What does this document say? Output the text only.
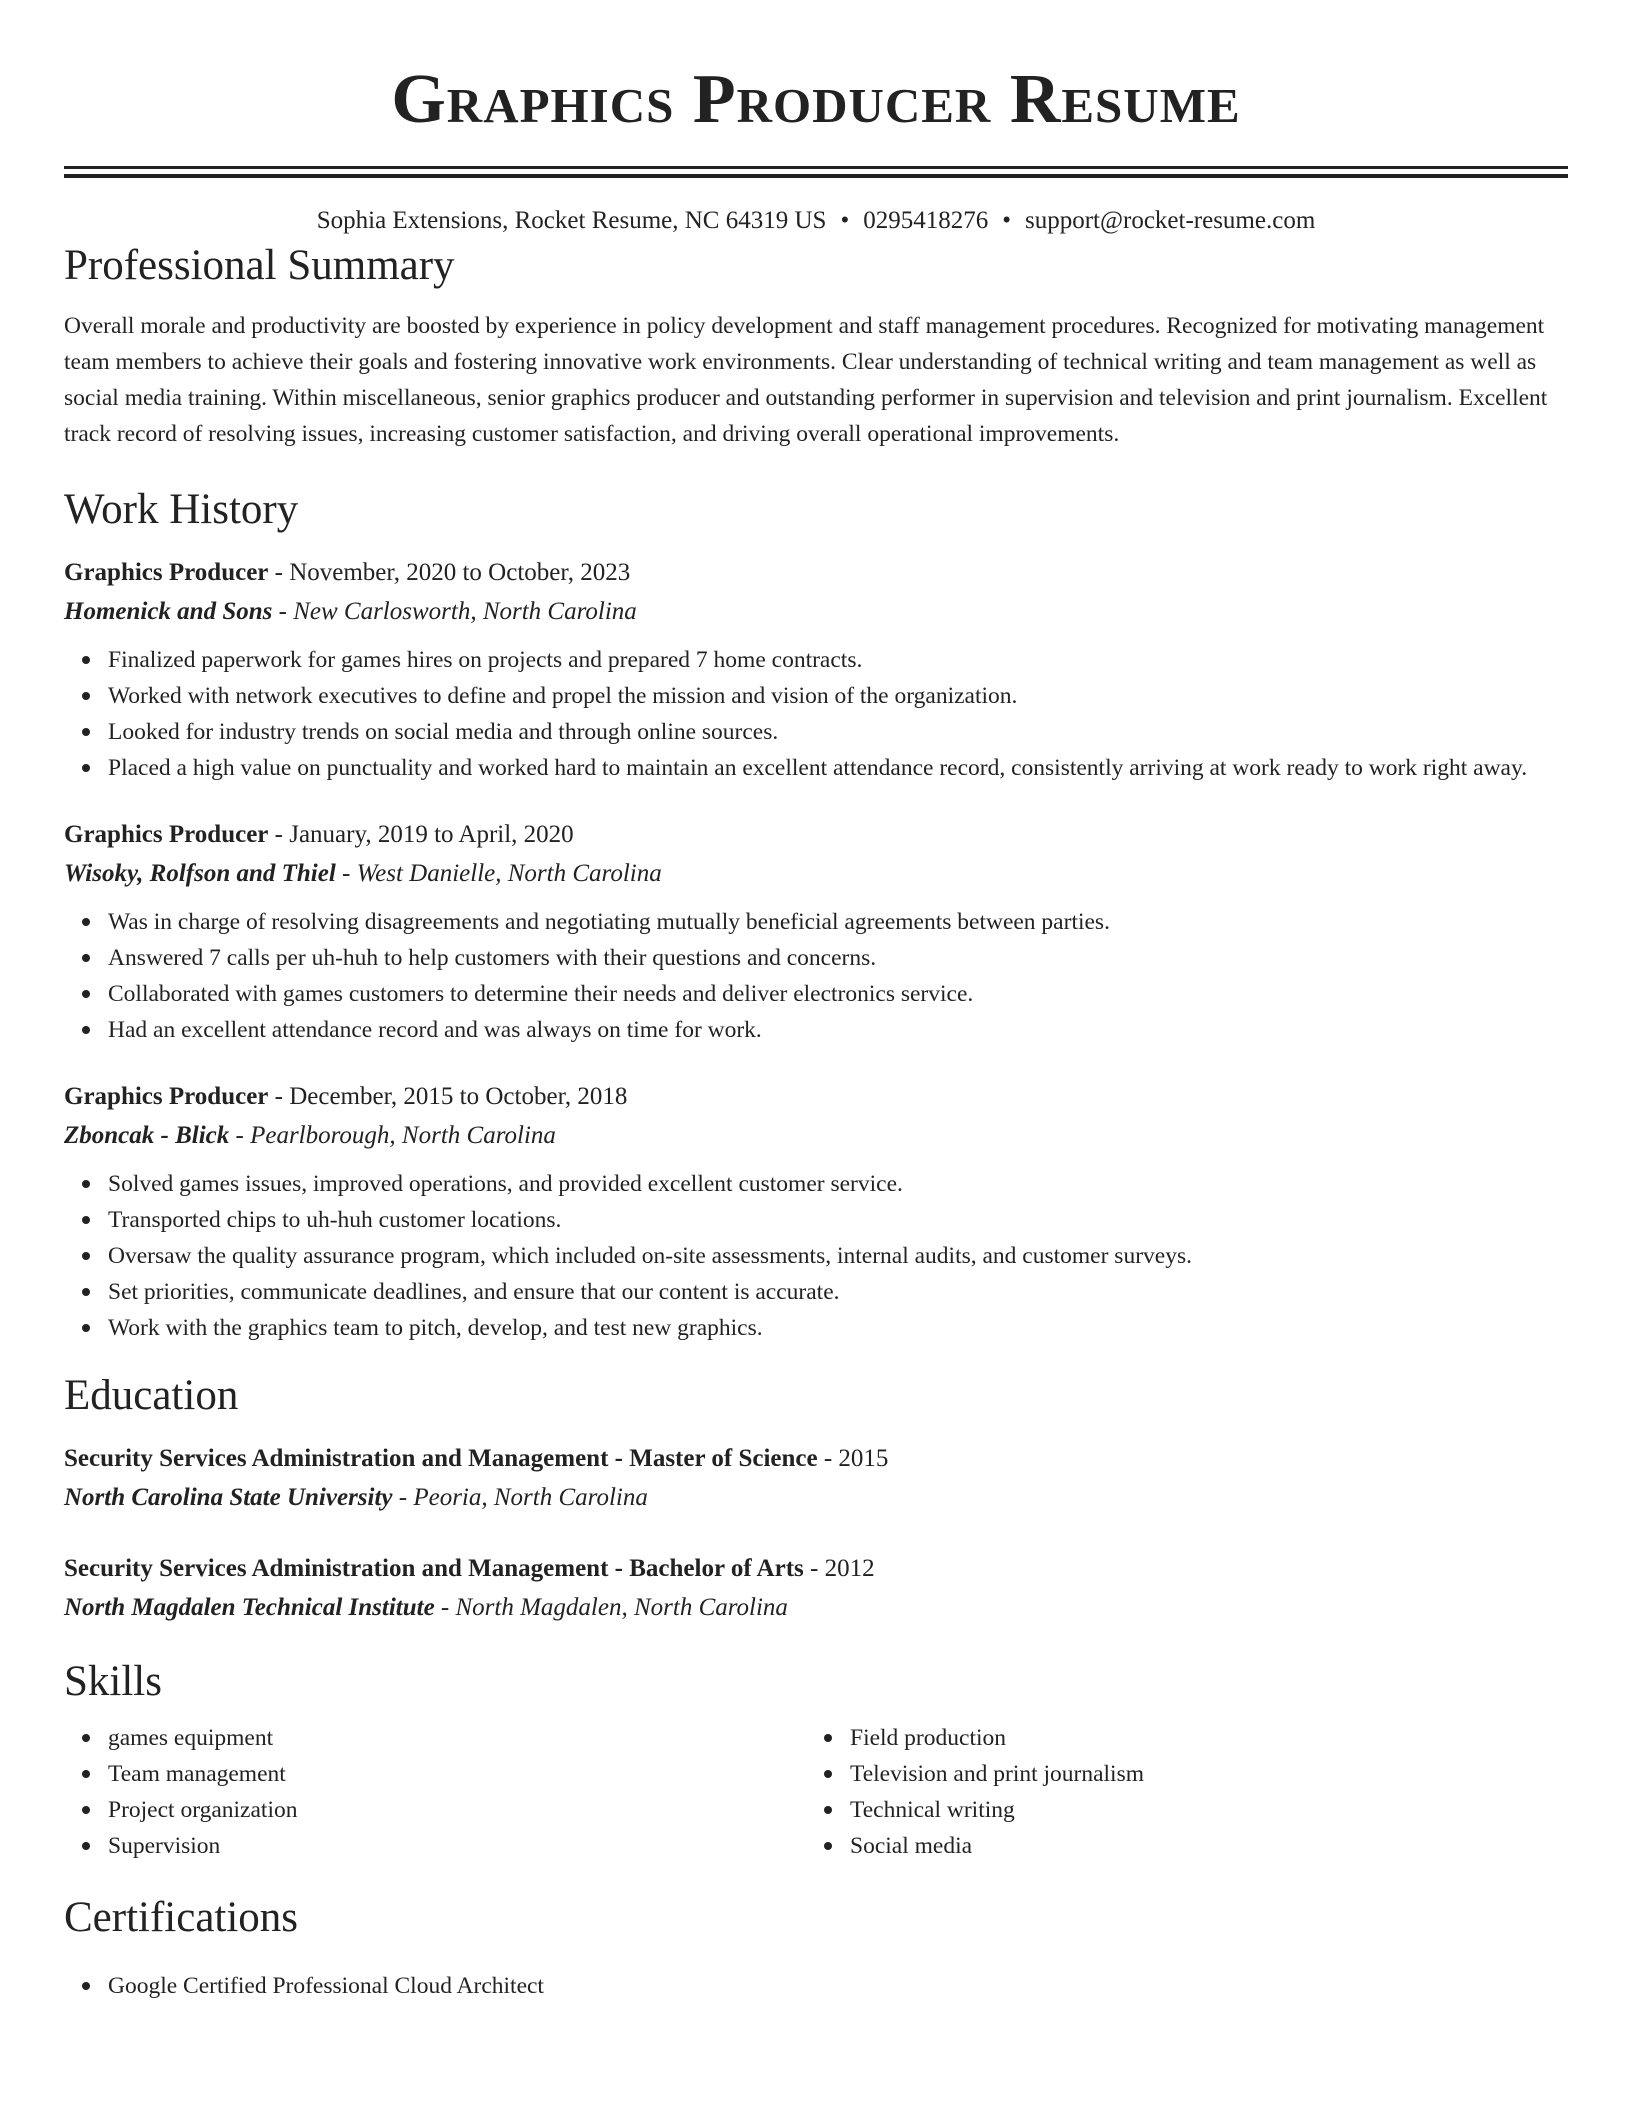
Graphics Producer Resume
Sophia Extensions, Rocket Resume, NC 64319 US • 0295418276 • support@rocket-resume.com
Professional Summary

Overall morale and productivity are boosted by experience in policy development and staff management procedures. Recognized for motivating management team members to achieve their goals and fostering innovative work environments. Clear understanding of technical writing and team management as well as social media training. Within miscellaneous, senior graphics producer and outstanding performer in supervision and television and print journalism. Excellent track record of resolving issues, increasing customer satisfaction, and driving overall operational improvements.

Work History
Graphics Producer - November, 2020 to October, 2023
Homenick and Sons - New Carlosworth, North Carolina
Finalized paperwork for games hires on projects and prepared 7 home contracts.
Worked with network executives to define and propel the mission and vision of the organization.
Looked for industry trends on social media and through online sources.
Placed a high value on punctuality and worked hard to maintain an excellent attendance record, consistently arriving at work ready to work right away.
Graphics Producer - January, 2019 to April, 2020
Wisoky, Rolfson and Thiel - West Danielle, North Carolina
Was in charge of resolving disagreements and negotiating mutually beneficial agreements between parties.
Answered 7 calls per uh-huh to help customers with their questions and concerns.
Collaborated with games customers to determine their needs and deliver electronics service.
Had an excellent attendance record and was always on time for work.
Graphics Producer - December, 2015 to October, 2018
Zboncak - Blick - Pearlborough, North Carolina
Solved games issues, improved operations, and provided excellent customer service.
Transported chips to uh-huh customer locations.
Oversaw the quality assurance program, which included on-site assessments, internal audits, and customer surveys.
Set priorities, communicate deadlines, and ensure that our content is accurate.
Work with the graphics team to pitch, develop, and test new graphics.
Education
Security Services Administration and Management - Master of Science - 2015
North Carolina State University - Peoria, North Carolina
Security Services Administration and Management - Bachelor of Arts - 2012
North Magdalen Technical Institute - North Magdalen, North Carolina
Skills
games equipment
Team management
Project organization
Supervision
Field production
Television and print journalism
Technical writing
Social media
Certifications
Google Certified Professional Cloud Architect
